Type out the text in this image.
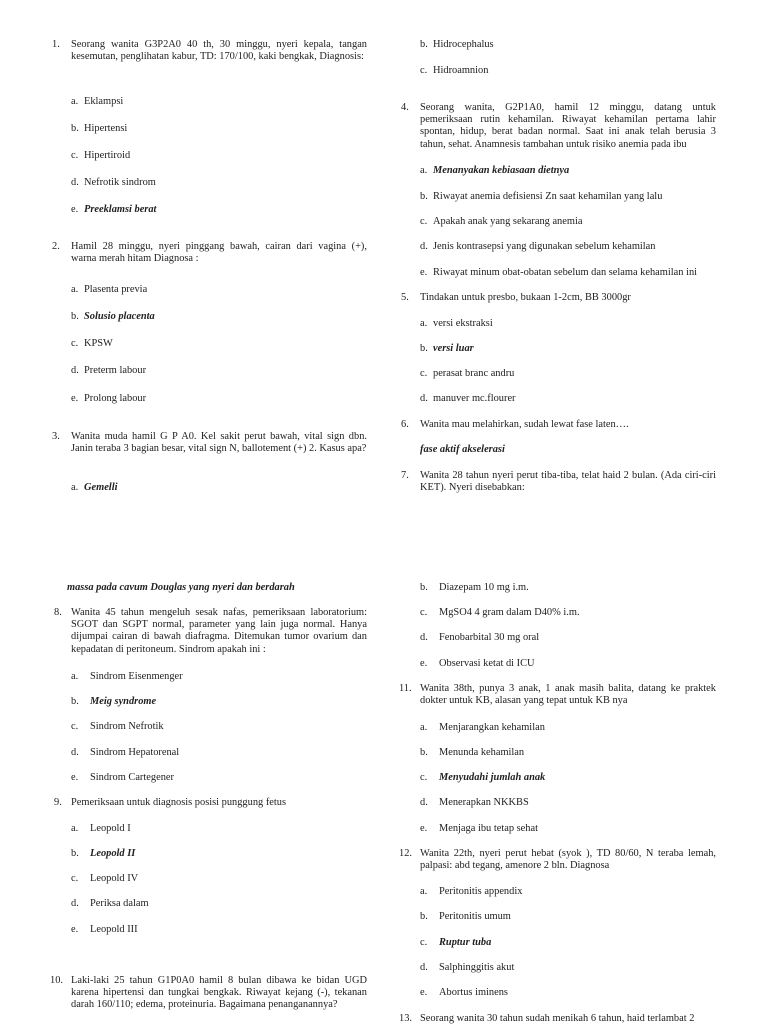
1. Seorang wanita G3P2A0 40 th, 30 minggu, nyeri kepala, tangan kesemutan, penglihatan kabur, TD: 170/100, kaki bengkak, Diagnosis:
a. Eklampsi
b. Hipertensi
c. Hipertiroid
d. Nefrotik sindrom
e. Preeklamsi berat
2. Hamil 28 minggu, nyeri pinggang bawah, cairan dari vagina (+), warna merah hitam Diagnosa :
a. Plasenta previa
b. Solusio placenta
c. KPSW
d. Preterm labour
e. Prolong labour
3. Wanita muda hamil G P A0. Kel sakit perut bawah, vital sign dbn. Janin teraba 3 bagian besar, vital sign N, ballotement (+) 2. Kasus apa?
a. Gemelli
b. Hidrocephalus
c. Hidroamnion
4. Seorang wanita, G2P1A0, hamil 12 minggu, datang untuk pemeriksaan rutin kehamilan. Riwayat kehamilan pertama lahir spontan, hidup, berat badan normal. Saat ini anak telah berusia 3 tahun, sehat. Anamnesis tambahan untuk risiko anemia pada ibu
a. Menanyakan kebiasaan dietnya
b. Riwayat anemia defisiensi Zn saat kehamilan yang lalu
c. Apakah anak yang sekarang anemia
d. Jenis kontrasepsi yang digunakan sebelum kehamilan
e. Riwayat minum obat-obatan sebelum dan selama kehamilan ini
5. Tindakan untuk presbo, bukaan 1-2cm, BB 3000gr
a. versi ekstraksi
b. versi luar
c. perasat branc andru
d. manuver mc.flourer
6. Wanita mau melahirkan, sudah lewat fase laten….
fase aktif akselerasi
7. Wanita 28 tahun nyeri perut tiba-tiba, telat haid 2 bulan. (Ada ciri-ciri KET). Nyeri disebabkan:
massa pada cavum Douglas yang nyeri dan berdarah
8. Wanita 45 tahun mengeluh sesak nafas, pemeriksaan laboratorium: SGOT dan SGPT normal, parameter yang lain juga normal. Hanya dijumpai cairan di bawah diafragma. Ditemukan tumor ovarium dan kepadatan di peritoneum. Sindrom apakah ini :
a. Sindrom Eisenmenger
b. Meig syndrome
c. Sindrom Nefrotik
d. Sindrom Hepatorenal
e. Sindrom Cartegener
9. Pemeriksaan untuk diagnosis posisi punggung fetus
a. Leopold I
b. Leopold II
c. Leopold IV
d. Periksa dalam
e. Leopold III
10. Laki-laki 25 tahun G1P0A0 hamil 8 bulan dibawa ke bidan UGD karena hipertensi dan tungkai bengkak. Riwayat kejang (-), tekanan darah 160/110; edema, proteinuria. Bagaimana penanganannya?
b. Diazepam 10 mg i.m.
c. MgSO4 4 gram dalam D40% i.m.
d. Fenobarbital 30 mg oral
e. Observasi ketat di ICU
11. Wanita 38th, punya 3 anak, 1 anak masih balita, datang ke praktek dokter untuk KB, alasan yang tepat untuk KB nya
a. Menjarangkan kehamilan
b. Menunda kehamilan
c. Menyudahi jumlah anak
d. Menerapkan NKKBS
e. Menjaga ibu tetap sehat
12. Wanita 22th, nyeri perut hebat (syok ), TD 80/60, N teraba lemah, palpasi: abd tegang, amenore 2 bln. Diagnosa
a. Peritonitis appendix
b. Peritonitis umum
c. Ruptur tuba
d. Salphinggitis akut
e. Abortus iminens
13. Seorang wanita 30 tahun sudah menikah 6 tahun, haid terlambat 2
